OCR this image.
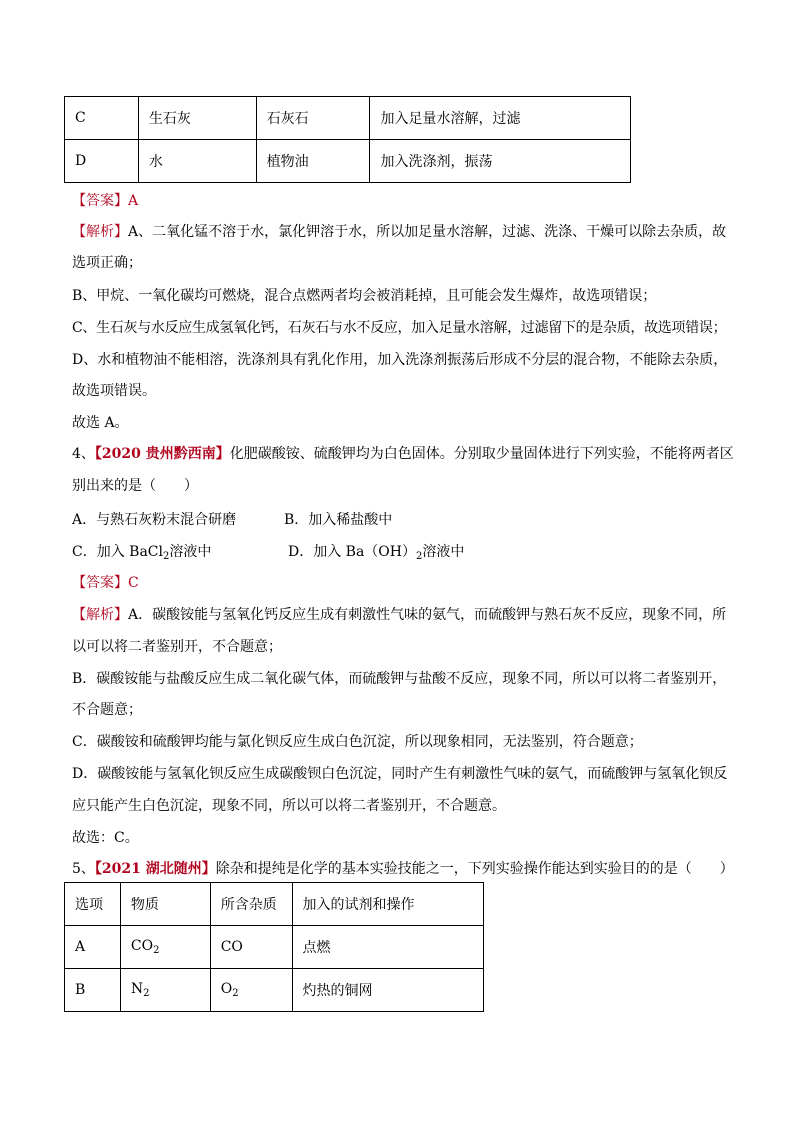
C	生石灰	石灰石	加入足量水溶解，过滤
D	水	植物油	加入洗涤剂，振荡
【答案】A
【解析】A、二氧化锰不溶于水，氯化钾溶于水，所以加足量水溶解，过滤、洗涤、干燥可以除去杂质，故
选项正确；
B、甲烷、一氧化碳均可燃烧，混合点燃两者均会被消耗掉，且可能会发生爆炸，故选项错误；
C、生石灰与水反应生成氢氧化钙，石灰石与水不反应，加入足量水溶解，过滤留下的是杂质，故选项错误；
D、水和植物油不能相溶，洗涤剂具有乳化作用，加入洗涤剂振荡后形成不分层的混合物，不能除去杂质，
故选项错误。
故选 A。
4、【2020 贵州黔西南】化肥碳酸铵、硫酸钾均为白色固体。分别取少量固体进行下列实验，不能将两者区
别出来的是（　　）
A．与熟石灰粉末混合研磨	B．加入稀盐酸中
C．加入 BaCl$_2$溶液中	D．加入 $Ba(OH)_2$溶液中
【答案】C
【解析】A．碳酸铵能与氢氧化钙反应生成有刺激性气味的氨气，而硫酸钾与熟石灰不反应，现象不同，所
以可以将二者鉴别开，不合题意；
B．碳酸铵能与盐酸反应生成二氧化碳气体，而硫酸钾与盐酸不反应，现象不同，所以可以将二者鉴别开，
不合题意；
C．碳酸铵和硫酸钾均能与氯化钡反应生成白色沉淀，所以现象相同，无法鉴别，符合题意；
D．碳酸铵能与氢氧化钡反应生成碳酸钡白色沉淀，同时产生有刺激性气味的氨气，而硫酸钾与氢氧化钡反
应只能产生白色沉淀，现象不同，所以可以将二者鉴别开，不合题意。
故选：C。
5、【2021 湖北随州】除杂和提纯是化学的基本实验技能之一，下列实验操作能达到实验目的的是（　　）
选项	物质	所含杂质	加入的试剂和操作
A	$CO_2$	CO	点燃
B	$N_2$	$O_2$	灼热的铜网
